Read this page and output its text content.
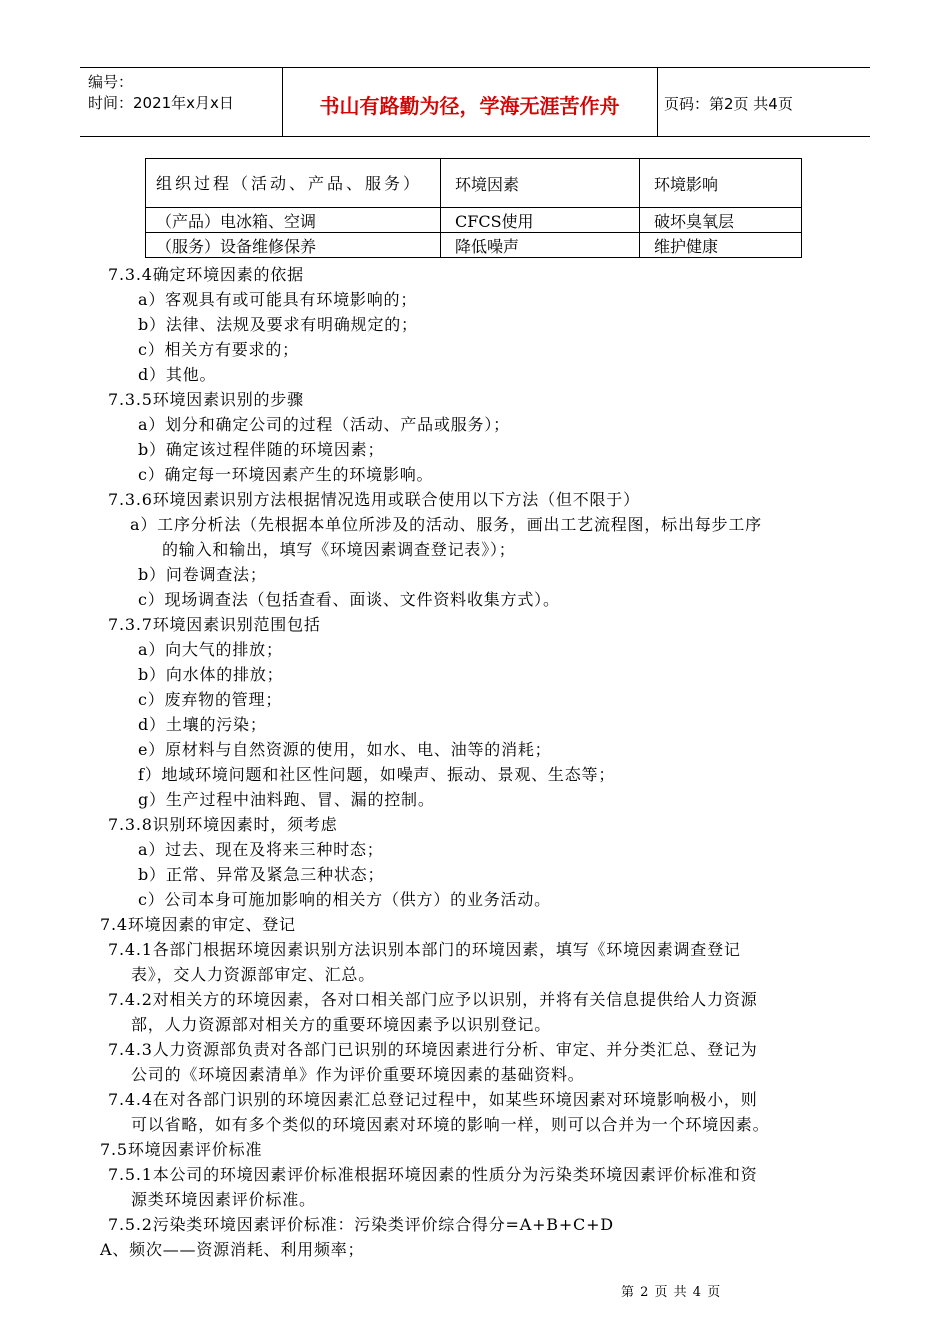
编号：
时间：2021年x月x日	书山有路勤为径，学海无涯苦作舟	页码：第2页 共4页
组织过程（活动、产品、服务）	环境因素	环境影响
（产品）电冰箱、空调	CFCS使用	破坏臭氧层
（服务）设备维修保养	降低噪声	维护健康
7.3.4确定环境因素的依据
a）客观具有或可能具有环境影响的；
b）法律、法规及要求有明确规定的；
c）相关方有要求的；
d）其他。
7.3.5环境因素识别的步骤
a）划分和确定公司的过程（活动、产品或服务）；
b）确定该过程伴随的环境因素；
c）确定每一环境因素产生的环境影响。
7.3.6环境因素识别方法根据情况选用或联合使用以下方法（但不限于）
a）工序分析法（先根据本单位所涉及的活动、服务，画出工艺流程图，标出每步工序
的输入和输出，填写《环境因素调查登记表》）；
b）问卷调查法；
c）现场调查法（包括查看、面谈、文件资料收集方式）。
7.3.7环境因素识别范围包括
a）向大气的排放；
b）向水体的排放；
c）废弃物的管理；
d）土壤的污染；
e）原材料与自然资源的使用，如水、电、油等的消耗；
f）地域环境问题和社区性问题，如噪声、振动、景观、生态等；
g）生产过程中油料跑、冒、漏的控制。
7.3.8识别环境因素时，须考虑
a）过去、现在及将来三种时态；
b）正常、异常及紧急三种状态；
c）公司本身可施加影响的相关方（供方）的业务活动。
7.4环境因素的审定、登记
7.4.1各部门根据环境因素识别方法识别本部门的环境因素，填写《环境因素调查登记
表》，交人力资源部审定、汇总。
7.4.2对相关方的环境因素，各对口相关部门应予以识别，并将有关信息提供给人力资源
部，人力资源部对相关方的重要环境因素予以识别登记。
7.4.3人力资源部负责对各部门已识别的环境因素进行分析、审定、并分类汇总、登记为
公司的《环境因素清单》作为评价重要环境因素的基础资料。
7.4.4在对各部门识别的环境因素汇总登记过程中，如某些环境因素对环境影响极小，则
可以省略，如有多个类似的环境因素对环境的影响一样，则可以合并为一个环境因素。
7.5环境因素评价标准
7.5.1本公司的环境因素评价标准根据环境因素的性质分为污染类环境因素评价标准和资
源类环境因素评价标准。
7.5.2污染类环境因素评价标准：污染类评价综合得分=A+B+C+D
A、频次——资源消耗、利用频率；
第 2 页 共 4 页
